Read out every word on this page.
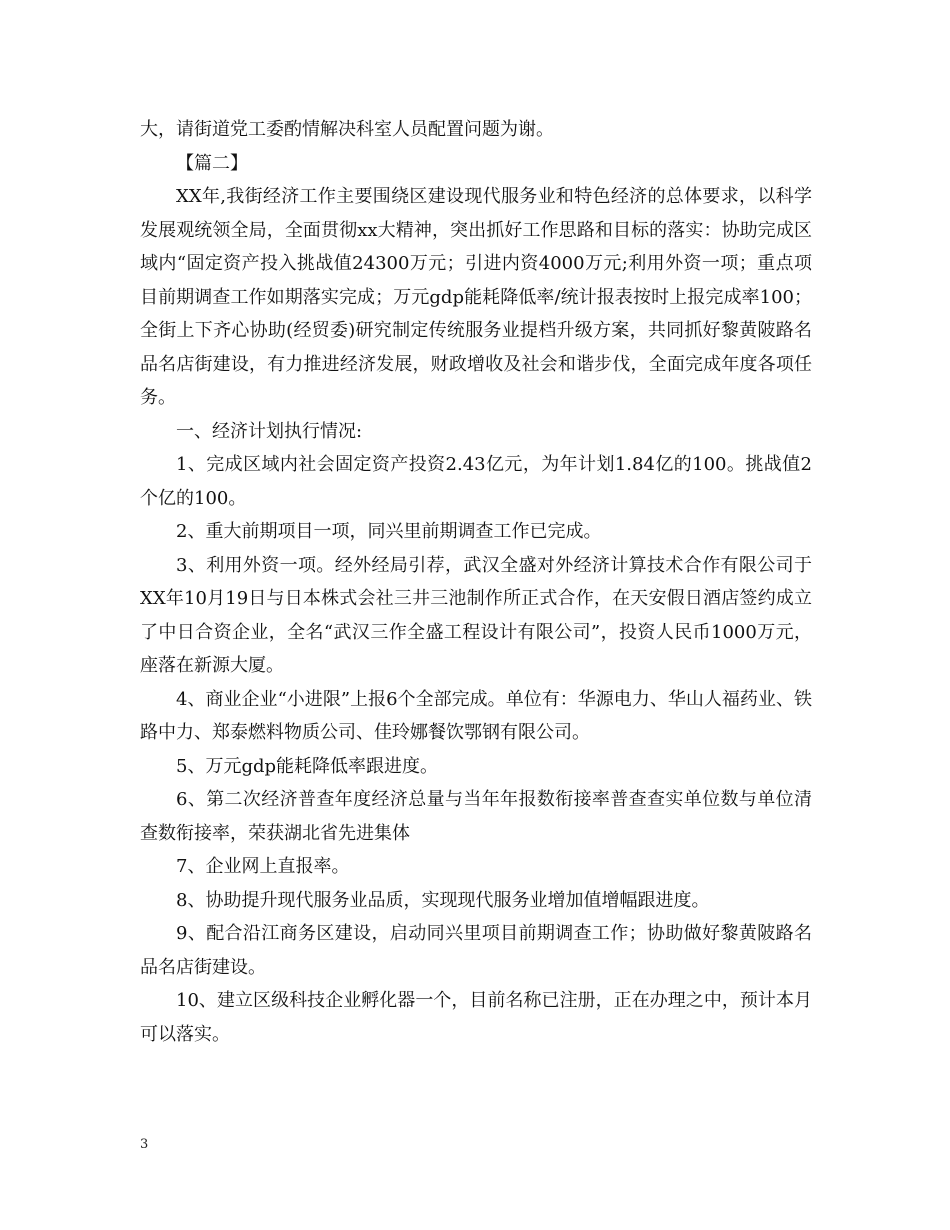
大，请街道党工委酌情解决科室人员配置问题为谢。

【篇二】

XX年,我街经济工作主要围绕区建设现代服务业和特色经济的总体要求，以科学发展观统领全局，全面贯彻xx大精神，突出抓好工作思路和目标的落实：协助完成区域内“固定资产投入挑战值24300万元；引进内资4000万元;利用外资一项；重点项目前期调查工作如期落实完成；万元gdp能耗降低率/统计报表按时上报完成率100；全街上下齐心协助(经贸委)研究制定传统服务业提档升级方案，共同抓好黎黄陂路名品名店街建设，有力推进经济发展，财政增收及社会和谐步伐，全面完成年度各项任务。

一、经济计划执行情况:

1、完成区域内社会固定资产投资2.43亿元，为年计划1.84亿的100。挑战值2个亿的100。

2、重大前期项目一项，同兴里前期调查工作已完成。

3、利用外资一项。经外经局引荐，武汉全盛对外经济计算技术合作有限公司于XX年10月19日与日本株式会社三井三池制作所正式合作，在天安假日酒店签约成立了中日合资企业，全名“武汉三作全盛工程设计有限公司”，投资人民币1000万元，座落在新源大厦。

4、商业企业“小进限”上报6个全部完成。单位有：华源电力、华山人福药业、铁路中力、郑泰燃料物质公司、佳玲娜餐饮鄂钢有限公司。

5、万元gdp能耗降低率跟进度。

6、第二次经济普查年度经济总量与当年年报数衔接率普查查实单位数与单位清查数衔接率，荣获湖北省先进集体

7、企业网上直报率。

8、协助提升现代服务业品质，实现现代服务业增加值增幅跟进度。

9、配合沿江商务区建设，启动同兴里项目前期调查工作；协助做好黎黄陂路名品名店街建设。

10、建立区级科技企业孵化器一个，目前名称已注册，正在办理之中，预计本月可以落实。

3
